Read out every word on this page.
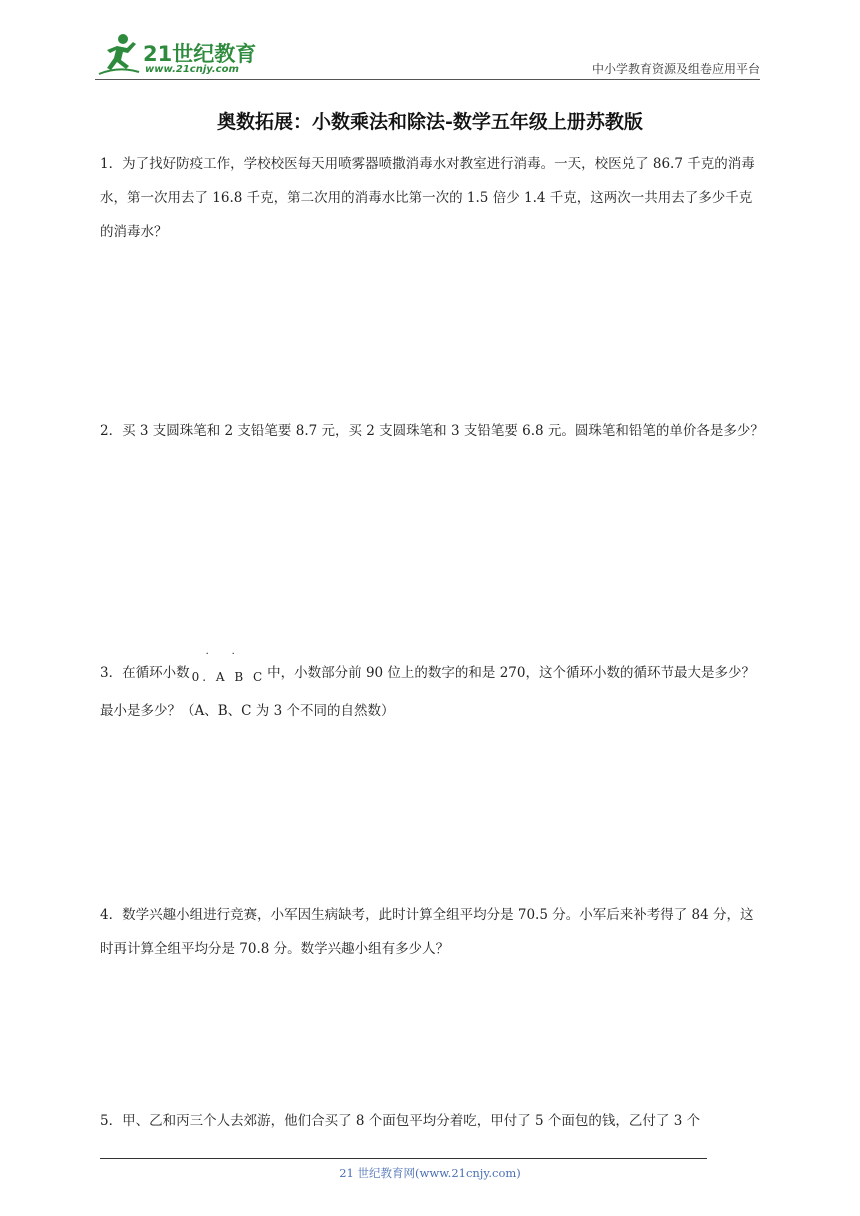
21世纪教育
www.21cnjy.com	中小学教育资源及组卷应用平台
奥数拓展：小数乘法和除法-数学五年级上册苏教版
1．为了找好防疫工作，学校校医每天用喷雾器喷撒消毒水对教室进行消毒。一天，校医兑了 86.7 千克的消毒水，第一次用去了 16.8 千克，第二次用的消毒水比第一次的 1.5 倍少 1.4 千克，这两次一共用去了多少千克的消毒水？
2．买 3 支圆珠笔和 2 支铅笔要 8.7 元，买 2 支圆珠笔和 3 支铅笔要 6.8 元。圆珠笔和铅笔的单价各是多少？
3．在循环小数
· ·
0. A B C 中，小数部分前 90 位上的数字的和是 270，这个循环小数的循环节最大是多少？最小是多少？（A、B、C 为 3 个不同的自然数）
4．数学兴趣小组进行竞赛，小军因生病缺考，此时计算全组平均分是 70.5 分。小军后来补考得了 84 分，这时再计算全组平均分是 70.8 分。数学兴趣小组有多少人？
5．甲、乙和丙三个人去郊游，他们合买了 8 个面包平均分着吃，甲付了 5 个面包的钱，乙付了 3 个
21 世纪教育网(www.21cnjy.com)
